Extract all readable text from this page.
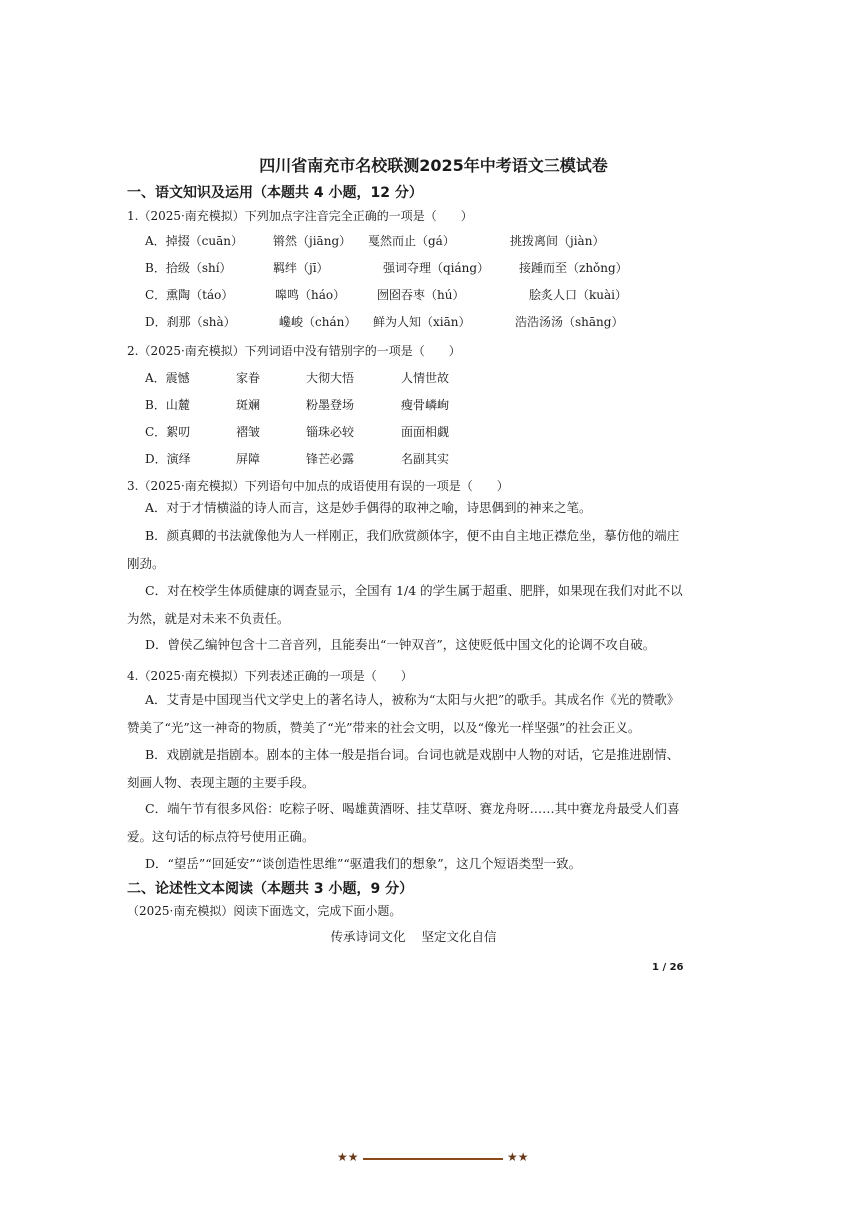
四川省南充市名校联测2025年中考语文三模试卷
一、语文知识及运用（本题共 4 小题，12 分）
1.（2025·南充模拟）下列加点字注音完全正确的一项是（　　）
A．掉掇（cuān）	锵然（jiāng） 戛然而止（gá）	挑拨离间（jiàn）
B．拾级（shí）	羁绊（jī）	强词夺理（qiáng） 接踵而至（zhǒng）
C．熏陶（táo）	嗥鸣（háo）	囫囵吞枣（hú）	脍炙人口（kuài）
D．刹那（shà）	巉峻（chán） 鲜为人知（xiān）	浩浩汤汤（shāng）
2.（2025·南充模拟）下列词语中没有错别字的一项是（　　）
A．震憾	家眷	大彻大悟	人情世故
B．山麓	斑斓	粉墨登场	瘦骨嶙峋
C．絮叨	褶皱	锱珠必较	面面相觑
D．演绎	屏障	锋芒必露	名副其实
3.（2025·南充模拟）下列语句中加点的成语使用有误的一项是（　　）
A．对于才情横溢的诗人而言，这是妙手偶得的取神之喻，诗思偶到的神来之笔。
B．颜真卿的书法就像他为人一样刚正，我们欣赏颜体字，便不由自主地正襟危坐，摹仿他的端庄刚劲。
C．对在校学生体质健康的调查显示，全国有 1/4 的学生属于超重、肥胖，如果现在我们对此不以为然，就是对未来不负责任。
D．曾侯乙编钟包含十二音音列，且能奏出“一钟双音”，这使贬低中国文化的论调不攻自破。
4.（2025·南充模拟）下列表述正确的一项是（　　）
A．艾青是中国现当代文学史上的著名诗人，被称为“太阳与火把”的歌手。其成名作《光的赞歌》赞美了“光”这一神奇的物质，赞美了“光”带来的社会文明，以及“像光一样坚强”的社会正义。
B．戏剧就是指剧本。剧本的主体一般是指台词。台词也就是戏剧中人物的对话，它是推进剧情、刻画人物、表现主题的主要手段。
C．端午节有很多风俗：吃粽子呀、喝雄黄酒呀、挂艾草呀、赛龙舟呀……其中赛龙舟最受人们喜爱。这句话的标点符号使用正确。
D．“望岳”“回延安”“谈创造性思维”“驱遣我们的想象”，这几个短语类型一致。
二、论述性文本阅读（本题共 3 小题，9 分）
（2025·南充模拟）阅读下面选文，完成下面小题。
传承诗词文化 坚定文化自信
1 / 26
★★	★★
